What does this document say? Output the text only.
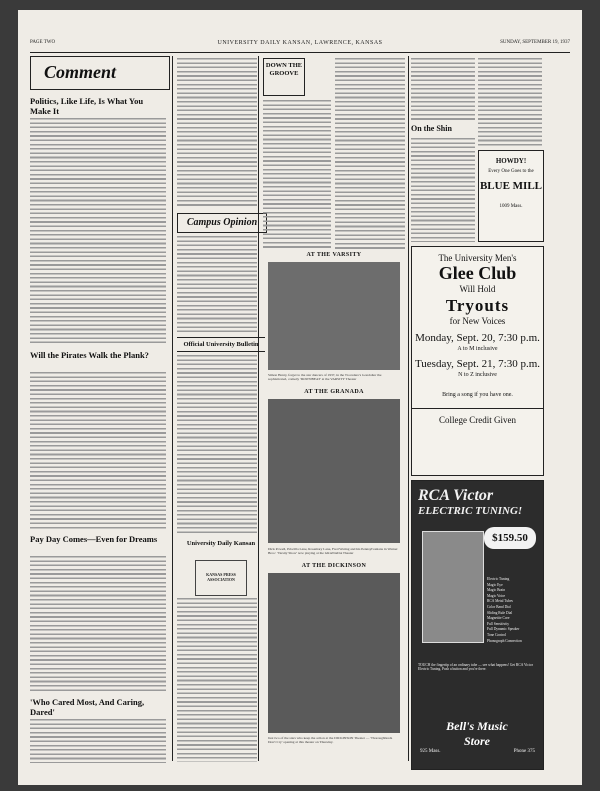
PAGE TWO	UNIVERSITY DAILY KANSAN, LAWRENCE, KANSAS	SUNDAY, SEPTEMBER 19, 1937
Comment
Politics, Like Life, Is What You Make It
Will the Pirates Walk the Plank?
Pay Day Comes—Even for Dreams
'Who Cared Most, And Caring, Dared'
Campus Opinion
Official University Bulletin
University Daily Kansan
KANSAS PRESS ASSOCIATION
DOWN THE GROOVE
AT THE VARSITY
Simon Henry, forget to the star dancers of 1937, in the Trocadero's Gondolier the sophisticated, comedy 'DOWNBEAT' at the VARSITY Theater
AT THE GRANADA
Dick Powell, Priscilla Lane, Rosemary Lane, Fred Waring and his Pennsylvanians in Warner Bros.' 'Varsity Show' now playing at the GRANADA Theater
AT THE DICKINSON
Just two of the stars who keep the action at the DICKINSON Theater — 'Thoroughbreds Don't Cry' opening at this theater on Thursday.
On the Shin
HOWDY!
Every One Goes to the
BLUE MILL
1009 Mass.
The University Men's
Glee Club
Will Hold
Tryouts
for New Voices
Monday, Sept. 20, 7:30 p.m.
A to M inclusive
Tuesday, Sept. 21, 7:30 p.m.
N to Z inclusive
Bring a song if you have one.
College Credit Given
RCA Victor
ELECTRIC TUNING!
$159.50
Electric Tuning
Magic Eye
Magic Brain
Magic Voice
RCA Metal Tubes
Color Band Dial
Sliding Rule Dial
Magnetite Core
Full Sensitivity
Full Dynamic Speaker
Tone Control
Phonograph Connection
TOUCH the fingertip of an ordinary tube — see what happens! Get RCA Victor Electric Tuning. Push a button and you're there.
Bell's Music Store
925 Mass.	Phone 375
